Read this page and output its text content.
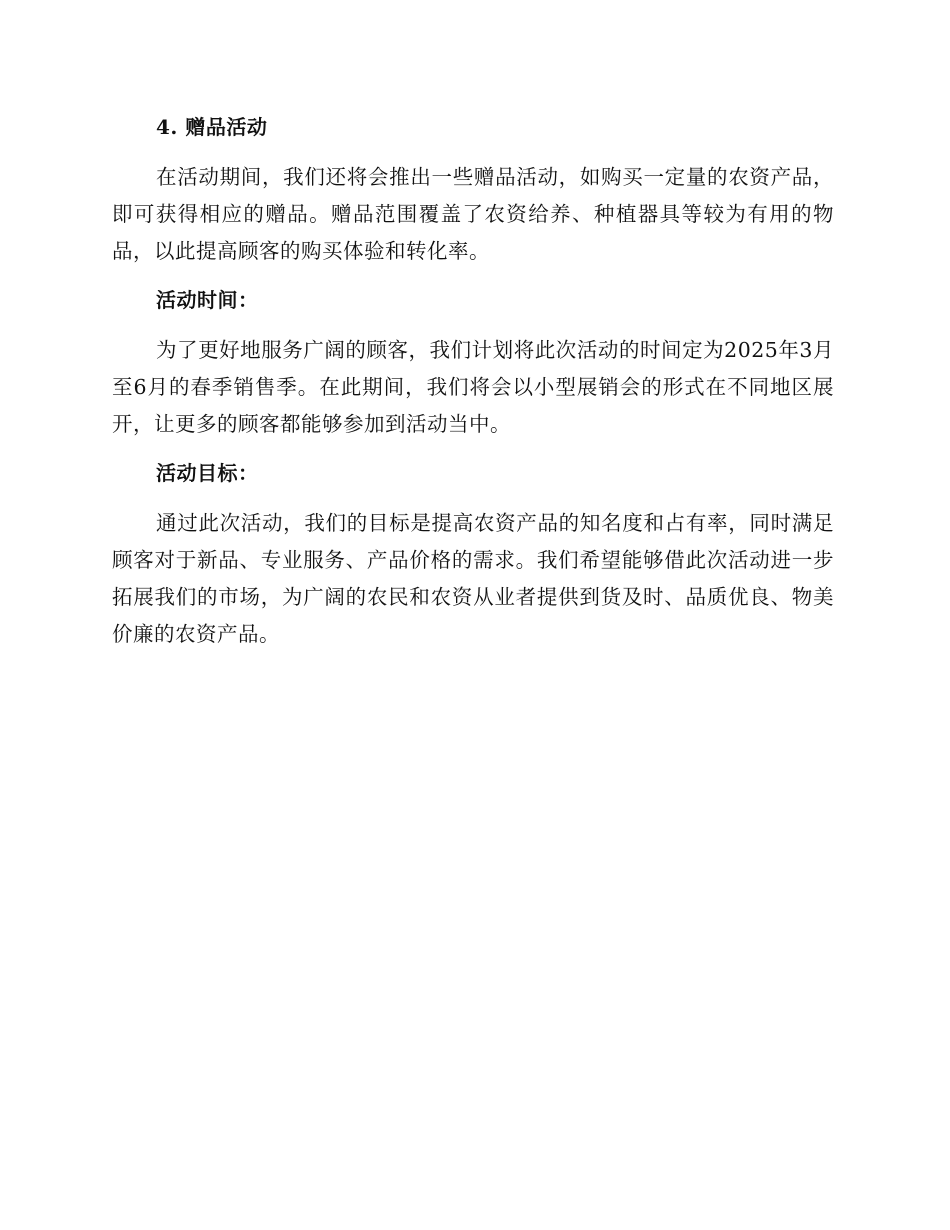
4. 赠品活动

在活动期间，我们还将会推出一些赠品活动，如购买一定量的农资产品，即可获得相应的赠品。赠品范围覆盖了农资给养、种植器具等较为有用的物品，以此提高顾客的购买体验和转化率。

活动时间：

为了更好地服务广阔的顾客，我们计划将此次活动的时间定为2025年3月至6月的春季销售季。在此期间，我们将会以小型展销会的形式在不同地区展开，让更多的顾客都能够参加到活动当中。

活动目标：

通过此次活动，我们的目标是提高农资产品的知名度和占有率，同时满足顾客对于新品、专业服务、产品价格的需求。我们希望能够借此次活动进一步拓展我们的市场，为广阔的农民和农资从业者提供到货及时、品质优良、物美价廉的农资产品。
